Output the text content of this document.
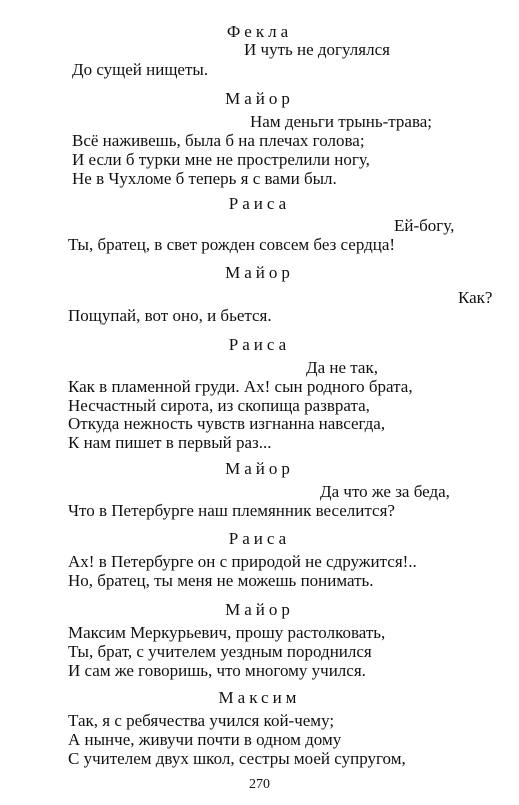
Фекла
И чуть не догулялся
До сущей нищеты.
Майор
Нам деньги трынь-трава;
Всё наживешь, была б на плечах голова;
И если б турки мне не прострелили ногу,
Не в Чухломе б теперь я с вами был.
Раиса
Ей-богу,
Ты, братец, в свет рожден совсем без сердца!
Майор
Как?
Пощупай, вот оно, и бьется.
Раиса
Да не так,
Как в пламенной груди. Ах! сын родного брата,
Несчастный сирота, из скопища разврата,
Откуда нежность чувств изгнанна навсегда,
К нам пишет в первый раз...
Майор
Да что же за беда,
Что в Петербурге наш племянник веселится?
Раиса
Ах! в Петербурге он с природой не сдружится!..
Но, братец, ты меня не можешь понимать.
Майор
Максим Меркурьевич, прошу растолковать,
Ты, брат, с учителем уездным породнился
И сам же говоришь, что многому учился.
Максим
Так, я с ребячества учился кой-чему;
А нынче, живучи почти в одном дому
С учителем двух школ, сестры моей супругом,
270
